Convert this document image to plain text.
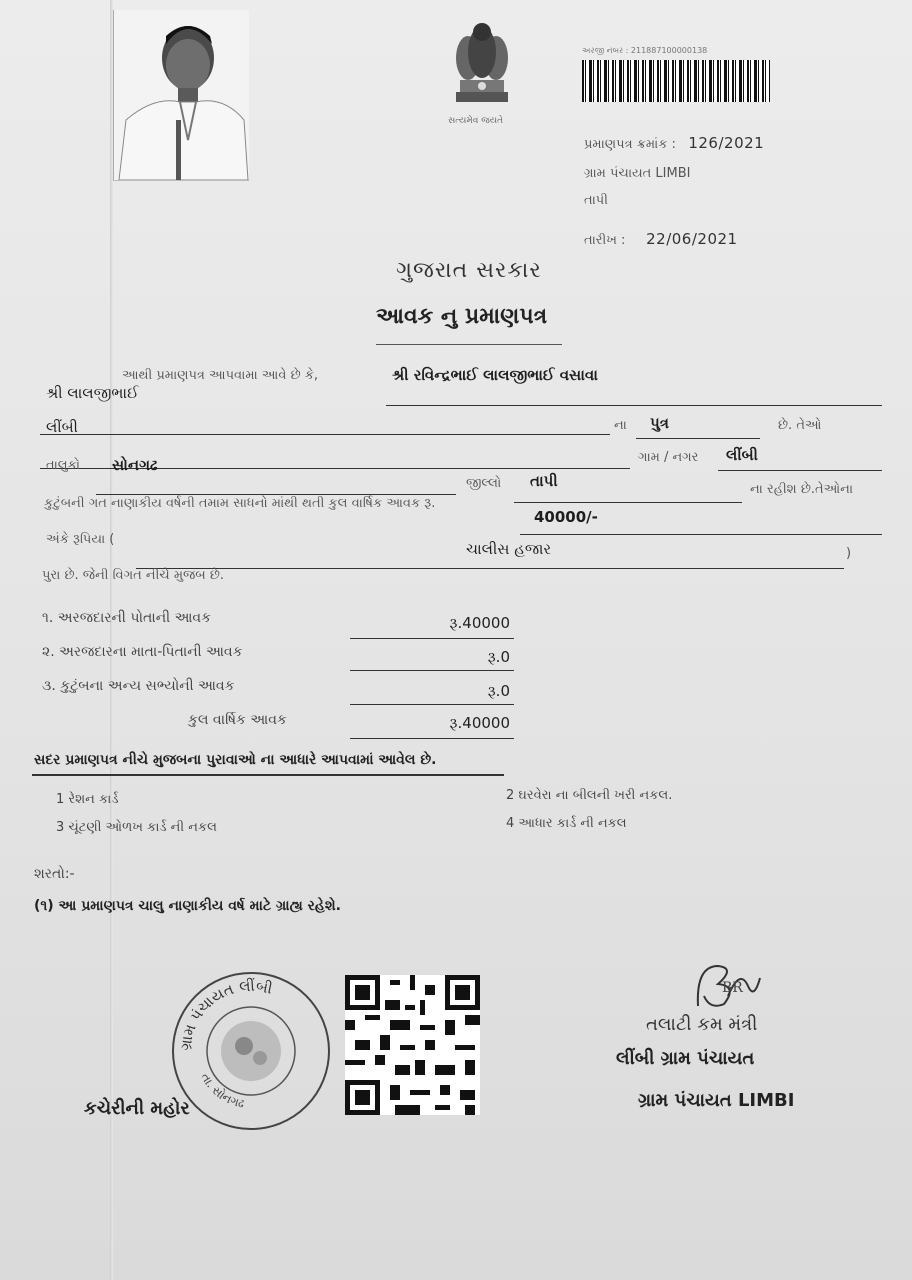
સત્યમેવ જયતે
અરજી નંબર : 211887100000138
પ્રમાણપત્ર ક્રમાંક : 126/2021
ગ્રામ પંચાયત LIMBI
તાપી
તારીખ : 22/06/2021
ગુજરાત સરકાર
આવક નુ પ્રમાણપત્ર
આથી પ્રમાણપત્ર આપવામા આવે છે કે,	શ્રી રવિન્દ્રભાઈ લાલજીભાઈ વસાવા
શ્રી લાલજીભાઈ
ના પુત્ર	છે. તેઓ
લીંબી
ગામ / નગર લીંબી
તાલુકો સોનગઢ
જીલ્લો તાપી	ના રહીશ છે.તેઓના
કુટુંબની ગત નાણાકીય વર્ષની તમામ સાધનો માંથી થતી કુલ વાર્ષિક આવક રૂ.
40000/-
અંકે રૂપિયા (
ચાલીસ હજાર	)
પુરા છે. જેની વિગત નીચે મુજબ છે.
૧. અરજદારની પોતાની આવક	રૂ.40000
૨. અરજદારના માતા-પિતાની આવક	રૂ.0
૩. કુટુંબના અન્ય સભ્યોની આવક	રૂ.0
કુલ વાર્ષિક આવક	રૂ.40000
સદર પ્રમાણપત્ર નીચે મુજબના પુરાવાઓ ના આધારે આપવામાં આવેલ છે.
1 રેશન કાર્ડ	2 ઘરવેરા ના બીલની ખરી નકલ.
3 ચૂંટણી ઓળખ કાર્ડ ની નકલ	4 આધાર કાર્ડ ની નકલ
શરતો:-
(૧) આ પ્રમાણપત્ર ચાલુ નાણાકીય વર્ષ માટે ગ્રાહ્ય રહેશે.
ગ્રામ પંચાયત લીંબી
તા. સોનગઢ
કચેરીની મહોર
BR
તલાટી કમ મંત્રી
લીંબી ગ્રામ પંચાયત
ગ્રામ પંચાયત LIMBI
